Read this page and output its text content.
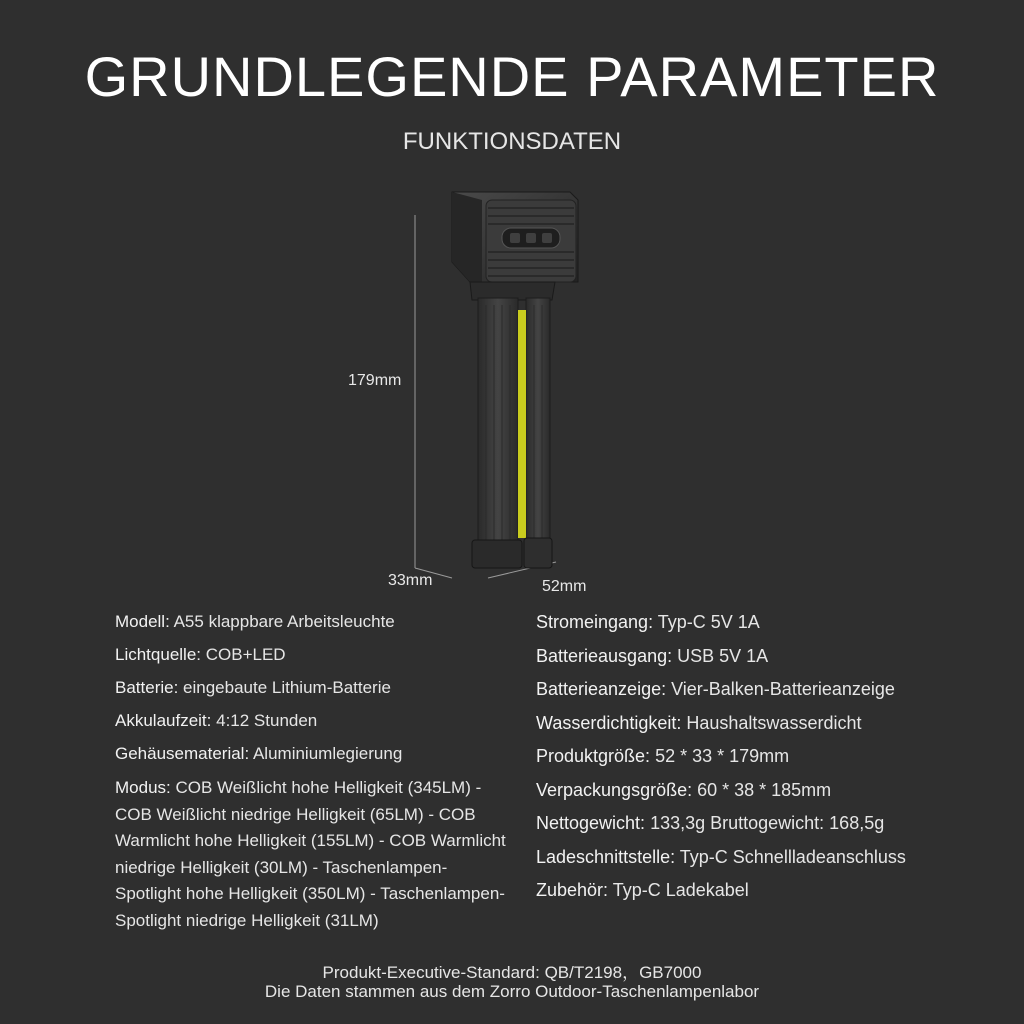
GRUNDLEGENDE PARAMETER
FUNKTIONSDATEN
179mm
33mm	52mm
Modell: A55 klappbare Arbeitsleuchte
Lichtquelle: COB+LED
Batterie: eingebaute Lithium-Batterie
Akkulaufzeit: 4:12 Stunden
Gehäusematerial: Aluminiumlegierung
Modus: COB Weißlicht hohe Helligkeit (345LM) - COB Weißlicht niedrige Helligkeit (65LM) - COB Warmlicht hohe Helligkeit (155LM) - COB Warmlicht niedrige Helligkeit (30LM) - Taschenlampen-Spotlight hohe Helligkeit (350LM) - Taschenlampen-Spotlight niedrige Helligkeit (31LM)
Stromeingang: Typ-C 5V 1A
Batterieausgang: USB 5V 1A
Batterieanzeige: Vier-Balken-Batterieanzeige
Wasserdichtigkeit: Haushaltswasserdicht
Produktgröße: 52 * 33 * 179mm
Verpackungsgröße: 60 * 38 * 185mm
Nettogewicht: 133,3g Bruttogewicht: 168,5g
Ladeschnittstelle: Typ-C Schnellladeanschluss
Zubehör: Typ-C Ladekabel
Produkt-Executive-Standard: QB/T2198，GB7000
Die Daten stammen aus dem Zorro Outdoor-Taschenlampenlabor
